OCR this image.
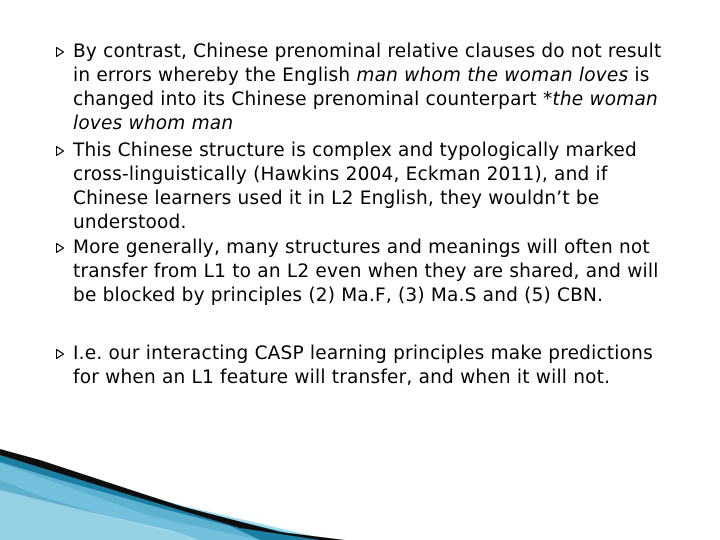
By contrast, Chinese prenominal relative clauses do not result
in errors whereby the English man whom the woman loves is
changed into its Chinese prenominal counterpart *the woman
loves whom man
This Chinese structure is complex and typologically marked
cross-linguistically (Hawkins 2004, Eckman 2011), and if
Chinese learners used it in L2 English, they wouldn’t be
understood.
More generally, many structures and meanings will often not
transfer from L1 to an L2 even when they are shared, and will
be blocked by principles (2) Ma.F, (3) Ma.S and (5) CBN.
I.e. our interacting CASP learning principles make predictions
for when an L1 feature will transfer, and when it will not.
